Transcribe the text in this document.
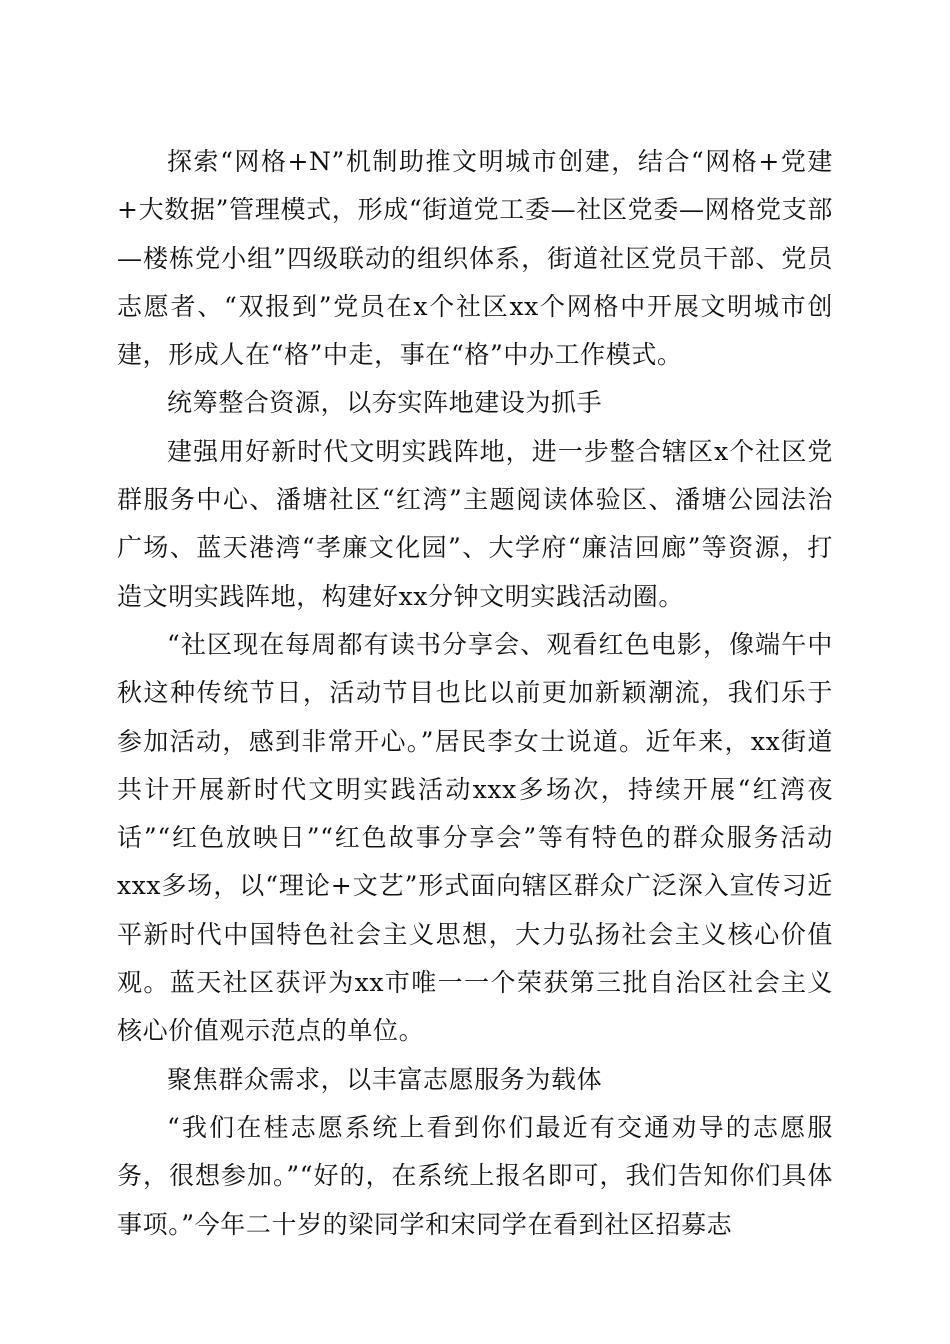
探索“网格+N”机制助推文明城市创建，结合“网格+党建+大数据”管理模式，形成“街道党工委—社区党委—网格党支部—楼栋党小组”四级联动的组织体系，街道社区党员干部、党员志愿者、“双报到”党员在x个社区xx个网格中开展文明城市创建，形成人在“格”中走，事在“格”中办工作模式。

统筹整合资源，以夯实阵地建设为抓手

建强用好新时代文明实践阵地，进一步整合辖区x个社区党群服务中心、潘塘社区“红湾”主题阅读体验区、潘塘公园法治广场、蓝天港湾“孝廉文化园”、大学府“廉洁回廊”等资源，打造文明实践阵地，构建好xx分钟文明实践活动圈。

“社区现在每周都有读书分享会、观看红色电影，像端午中秋这种传统节日，活动节目也比以前更加新颖潮流，我们乐于参加活动，感到非常开心。”居民李女士说道。近年来，xx街道共计开展新时代文明实践活动xxx多场次，持续开展“红湾夜话”“红色放映日”“红色故事分享会”等有特色的群众服务活动xxx多场，以“理论+文艺”形式面向辖区群众广泛深入宣传习近平新时代中国特色社会主义思想，大力弘扬社会主义核心价值观。蓝天社区获评为xx市唯一一个荣获第三批自治区社会主义核心价值观示范点的单位。

聚焦群众需求，以丰富志愿服务为载体

“我们在桂志愿系统上看到你们最近有交通劝导的志愿服务，很想参加。”“好的，在系统上报名即可，我们告知你们具体事项。”今年二十岁的梁同学和宋同学在看到社区招募志
